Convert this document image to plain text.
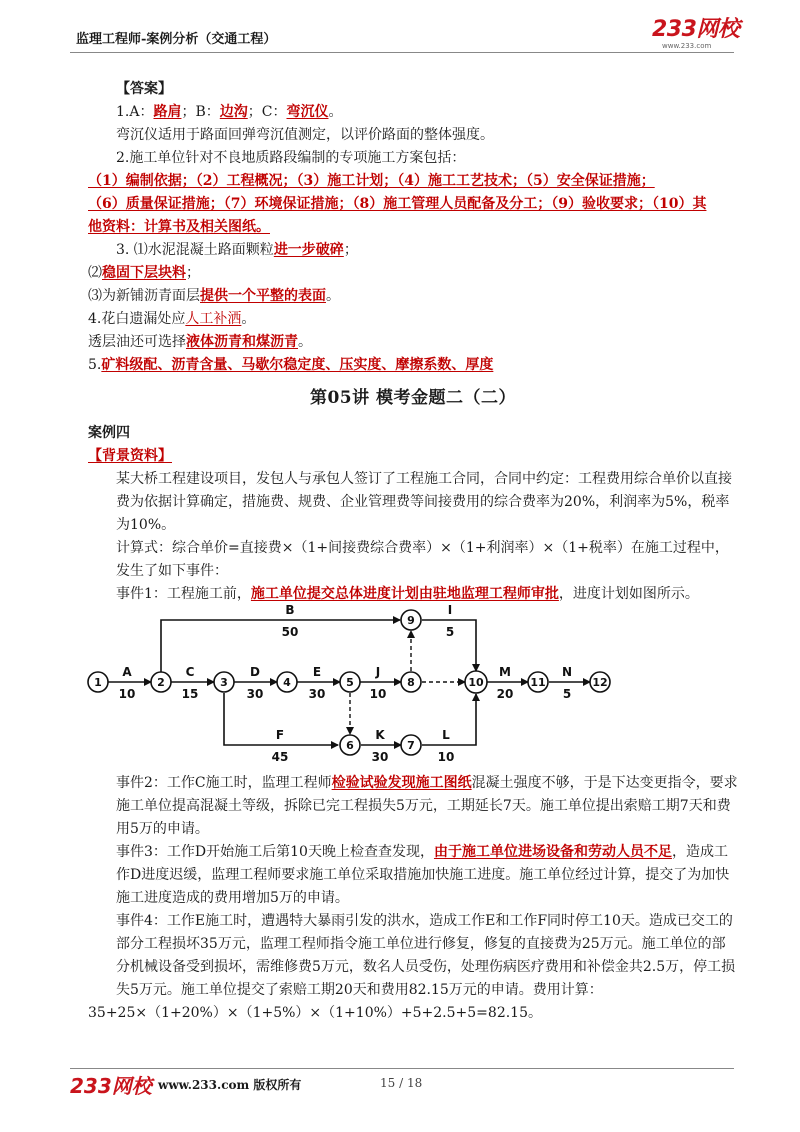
监理工程师-案例分析（交通工程）	233网校
www.233.com

【答案】

1.A：路肩；B：边沟；C：弯沉仪。

弯沉仪适用于路面回弹弯沉值测定，以评价路面的整体强度。

2.施工单位针对不良地质路段编制的专项施工方案包括：

（1）编制依据；（2）工程概况；（3）施工计划；（4）施工工艺技术；（5）安全保证措施；

（6）质量保证措施；（7）环境保证措施；（8）施工管理人员配备及分工；（9）验收要求；（10）其

他资料：计算书及相关图纸。

3. ⑴水泥混凝土路面颗粒进一步破碎；

⑵稳固下层块料；

⑶为新铺沥青面层提供一个平整的表面。

4.花白遗漏处应人工补洒。

透层油还可选择液体沥青和煤沥青。

5.矿料级配、沥青含量、马歇尔稳定度、压实度、摩擦系数、厚度

第05讲 模考金题二（二）

案例四

【背景资料】

某大桥工程建设项目，发包人与承包人签订了工程施工合同，合同中约定：工程费用综合单价以直接费为依据计算确定，措施费、规费、企业管理费等间接费用的综合费率为20%，利润率为5%，税率为10%。

计算式：综合单价=直接费×（1+间接费综合费率）×（1+利润率）×（1+税率）在施工过程中，发生了如下事件：

事件1：工程施工前，施工单位提交总体进度计划由驻地监理工程师审批，进度计划如图所示。

1	2	3	4	5
6	7
8
9
10	11	12
A
10
C
15
D
30
E
30
J
10
M
20
N
5
B
50
I
5
F
45
K
30
L
10

事件2：工作C施工时，监理工程师检验试验发现施工图纸混凝土强度不够，于是下达变更指令，要求施工单位提高混凝土等级，拆除已完工程损失5万元，工期延长7天。施工单位提出索赔工期7天和费用5万的申请。

事件3：工作D开始施工后第10天晚上检查查发现，由于施工单位进场设备和劳动人员不足，造成工作D进度迟缓，监理工程师要求施工单位采取措施加快施工进度。施工单位经过计算，提交了为加快施工进度造成的费用增加5万的申请。

事件4：工作E施工时，遭遇特大暴雨引发的洪水，造成工作E和工作F同时停工10天。造成已交工的部分工程损坏35万元，监理工程师指令施工单位进行修复，修复的直接费为25万元。施工单位的部分机械设备受到损坏，需维修费5万元，数名人员受伤，处理伤病医疗费用和补偿金共2.5万，停工损失5万元。施工单位提交了索赔工期20天和费用82.15万元的申请。费用计算：

35+25×（1+20%）×（1+5%）×（1+10%）+5+2.5+5=82.15。

233网校 www.233.com 版权所有	15 / 18
